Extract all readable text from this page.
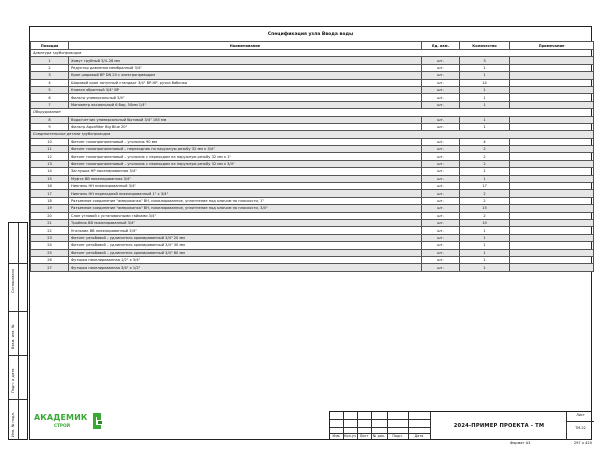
Спецификация узла Ввода воды
Позиция	Наименование	Ед. изм.	Количество	Примечание
Арматура трубопроводов				
1	Хомут трубный 3/4–28 мм	шт.	3	
2	Редуктор давления мембранный 3/4"	шт.	1	
3	Кран шаровый ВР DN 20 с электроприводом	шт.	1	
4	Шаровой кран латунный стандарт 3/4" ВР-НР, ручка бабочка	шт.	14	
5	Клапан обратный 3/4" ВР	шт.	1	
6	Фильтр универсальный 3/4"	шт.	1	
7	Манометр аксиальный 6 бар, 50мм 1/4"	шт.	1	
Оборудование				
8	Водосчетчик универсальный бытовой 3/4" 165 мм	шт.	1	
9	Фильтр Aquafilter Big Blue 20"	шт.	1	
Соединительные детали трубопроводов				
10	Фитинг полипропиленовый – угольник 90 мм	шт.	4	
11	Фитинг полипропиленовый – переходник на наружную резьбу 32 мм x 3/4"	шт.	2	
12	Фитинг полипропиленовый – угольник с переходом на наружную резьбу 32 мм x 1"	шт.	2	
13	Фитинг полипропиленовый – угольник с переходом на наружную резьбу 32 мм x 3/4"	шт.	2	
14	Заглушка НР никелированная 3/4"	шт.	1	
15	Муфта ВВ никелированная 3/4"	шт.	1	
16	Ниппель НН никелированный 3/4"	шт.	17	
17	Ниппель НН переходной никелированный 1" x 3/4"	шт.	2	
18	Разъемное соединение "американка" ВН, никелированное, уплотнение под ключом по плоскости, 1"	шт.	2	
19	Разъемное соединение "американка" ВН, никелированное, уплотнение под ключом по плоскости, 3/4"	шт.	15	
20	Слон угловой с установочными гайками 3/4"	шт.	2	
21	Тройник ВВ никелированный 3/4"	шт.	10	
22	Угольник ВВ никелированный 3/4"	шт.	1	
23	Фитинг резьбовой – удлинитель хромированный 3/4" 20 мм	шт.	1	
24	Фитинг резьбовой – удлинитель хромированный 3/4" 30 мм	шт.	1	
25	Фитинг резьбовой – удлинитель хромированный 3/4" 80 мм	шт.	1	
26	Футорка никелированная 1/2" x 3/4"	шт.	1	
27	Футорка никелированная 3/4" x 1/2"	шт.	1	
Согласовано
Взам. инв. №
Подп. и дата
Инв. № подл. АКАДЕМИК
СТРОЙ
Изм.	Кол.уч	Лист	№ док.	Подп.	Дата
2024-ПРИМЕР ПРОЕКТА - ТМ
Лист
ТМ-22
Формат А3	297 x 420
